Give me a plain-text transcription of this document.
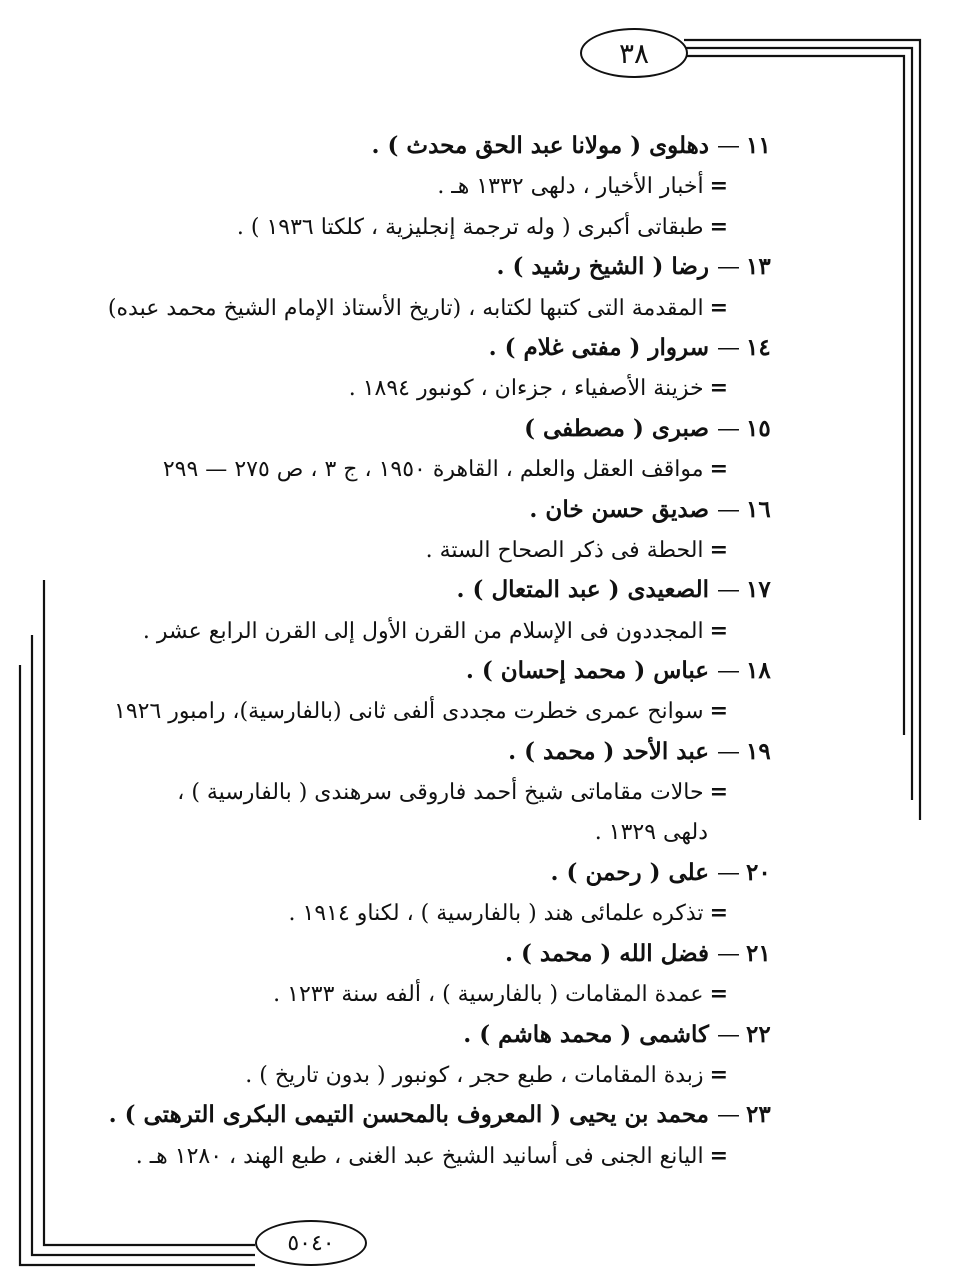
٣٨
٥٠٤٠
١١—دهلوى ( مولانا عبد الحق محدث ) .
=أخبار الأخيار ، دلهى ١٣٣٢ هـ .
=طبقاتى أكبرى ( وله ترجمة إنجليزية ، كلكتا ١٩٣٦ ) .
١٣—رضا ( الشيخ رشيد ) .
=المقدمة التى كتبها لكتابه ، (تاريخ الأستاذ الإمام الشيخ محمد عبده)
١٤—سروار ( مفتى غلام ) .
=خزينة الأصفياء ، جزءان ، كونبور ١٨٩٤ .
١٥—صبرى ( مصطفى )
=مواقف العقل والعلم ، القاهرة ١٩٥٠ ، ج ٣ ، ص ٢٧٥ — ٢٩٩
١٦—صديق حسن خان .
=الحطة فى ذكر الصحاح الستة .
١٧—الصعيدى ( عبد المتعال ) .
=المجددون فى الإسلام من القرن الأول إلى القرن الرابع عشر .
١٨—عباس ( محمد إحسان ) .
=سوانح عمرى خطرت مجددى ألفى ثانى (بالفارسية)، رامبور ١٩٢٦
١٩—عبد الأحد ( محمد ) .
=حالات مقاماتى شيخ أحمد فاروقى سرهندى ( بالفارسية ) ،
دلهى ١٣٢٩ .
٢٠—على ( رحمن ) .
=تذكره علمائى هند ( بالفارسية ) ، لكناو ١٩١٤ .
٢١—فضل الله ( محمد ) .
=عمدة المقامات ( بالفارسية ) ، ألفه سنة ١٢٣٣ .
٢٢—كاشمى ( محمد هاشم ) .
=زبدة المقامات ، طبع حجر ، كونبور ( بدون تاريخ ) .
٢٣—محمد بن يحيى ( المعروف بالمحسن التيمى البكرى الترهتى ) .
=اليانع الجنى فى أسانيد الشيخ عبد الغنى ، طبع الهند ، ١٢٨٠ هـ .
